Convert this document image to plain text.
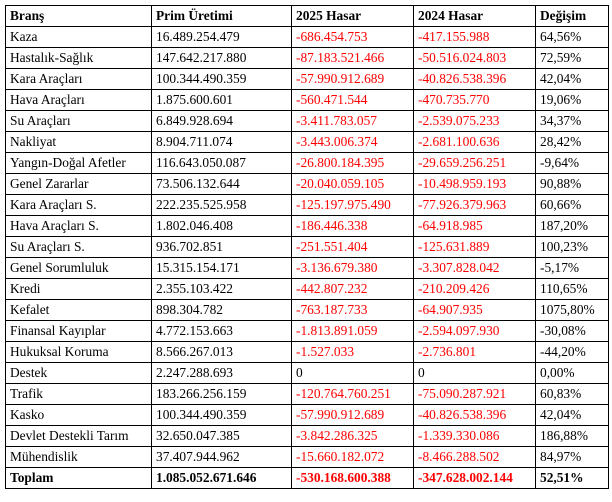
Branş	Prim Üretimi	2025 Hasar	2024 Hasar	Değişim
Kaza	16.489.254.479	-686.454.753	-417.155.988	64,56%
Hastalık-Sağlık	147.642.217.880	-87.183.521.466	-50.516.024.803	72,59%
Kara Araçları	100.344.490.359	-57.990.912.689	-40.826.538.396	42,04%
Hava Araçları	1.875.600.601	-560.471.544	-470.735.770	19,06%
Su Araçları	6.849.928.694	-3.411.783.057	-2.539.075.233	34,37%
Nakliyat	8.904.711.074	-3.443.006.374	-2.681.100.636	28,42%
Yangın-Doğal Afetler	116.643.050.087	-26.800.184.395	-29.659.256.251	-9,64%
Genel Zararlar	73.506.132.644	-20.040.059.105	-10.498.959.193	90,88%
Kara Araçları S.	222.235.525.958	-125.197.975.490	-77.926.379.963	60,66%
Hava Araçları S.	1.802.046.408	-186.446.338	-64.918.985	187,20%
Su Araçları S.	936.702.851	-251.551.404	-125.631.889	100,23%
Genel Sorumluluk	15.315.154.171	-3.136.679.380	-3.307.828.042	-5,17%
Kredi	2.355.103.422	-442.807.232	-210.209.426	110,65%
Kefalet	898.304.782	-763.187.733	-64.907.935	1075,80%
Finansal Kayıplar	4.772.153.663	-1.813.891.059	-2.594.097.930	-30,08%
Hukuksal Koruma	8.566.267.013	-1.527.033	-2.736.801	-44,20%
Destek	2.247.288.693	0	0	0,00%
Trafik	183.266.256.159	-120.764.760.251	-75.090.287.921	60,83%
Kasko	100.344.490.359	-57.990.912.689	-40.826.538.396	42,04%
Devlet Destekli Tarım	32.650.047.385	-3.842.286.325	-1.339.330.086	186,88%
Mühendislik	37.407.944.962	-15.660.182.072	-8.466.288.502	84,97%
Toplam	1.085.052.671.646	-530.168.600.388	-347.628.002.144	52,51%
